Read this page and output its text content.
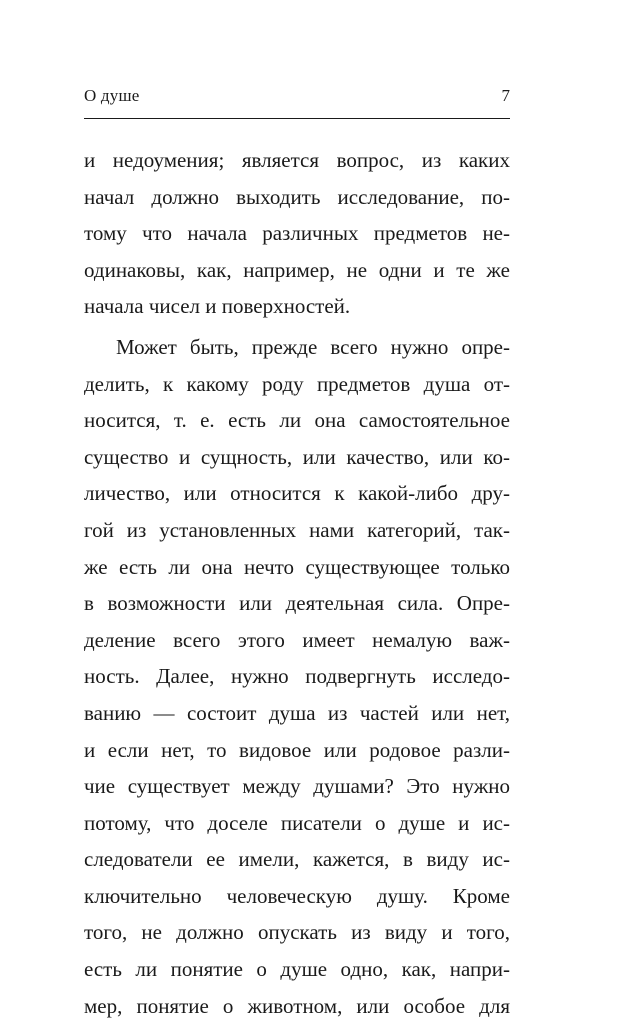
О душе	7
и недоумения; является вопрос, из каких
начал должно выходить исследование, по-
тому что начала различных предметов не-
одинаковы, как, например, не одни и те же
начала чисел и поверхностей.
Может быть, прежде всего нужно опре-
делить, к какому роду предметов душа от-
носится, т. е. есть ли она самостоятельное
существо и сущность, или качество, или ко-
личество, или относится к какой-либо дру-
гой из установленных нами категорий, так-
же есть ли она нечто существующее только
в возможности или деятельная сила. Опре-
деление всего этого имеет немалую важ-
ность. Далее, нужно подвергнуть исследо-
ванию — состоит душа из частей или нет,
и если нет, то видовое или родовое разли-
чие существует между душами? Это нужно
потому, что доселе писатели о душе и ис-
следователи ее имели, кажется, в виду ис-
ключительно человеческую душу. Кроме
того, не должно опускать из виду и того,
есть ли понятие о душе одно, как, напри-
мер, понятие о животном, или особое для
